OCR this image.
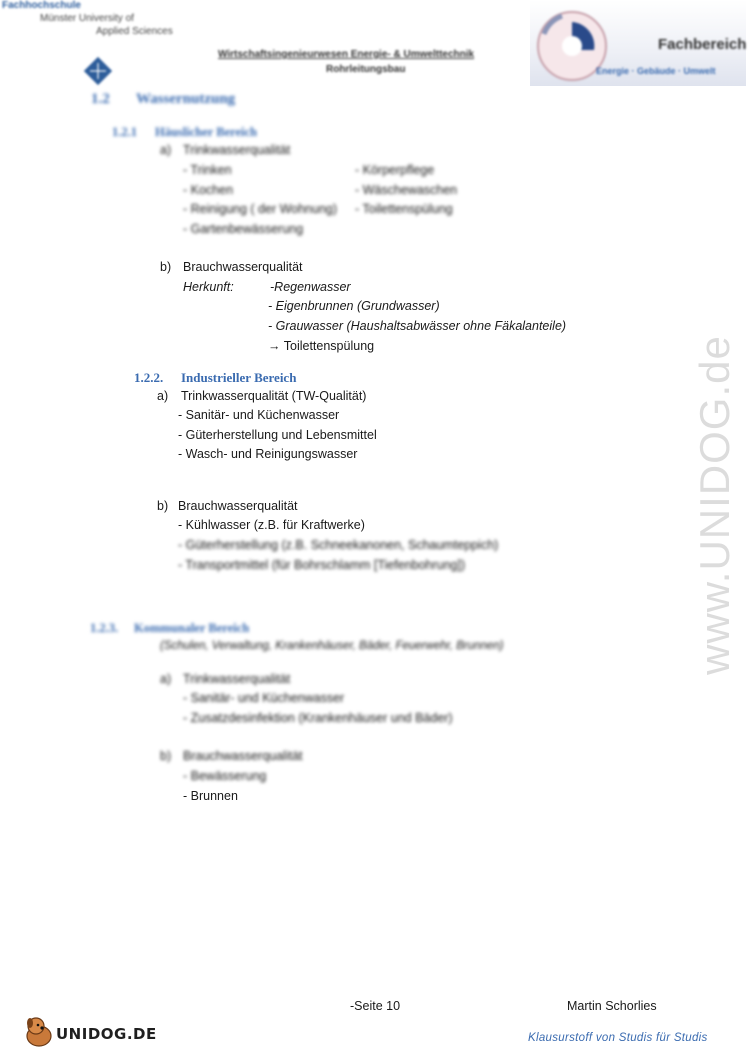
Fachhochschule
Münster University of
Applied Sciences
Wirtschaftsingenieurwesen Energie- & Umwelttechnik
Rohrleitungsbau
Fachbereich
Energie · Gebäude · Umwelt
www.UNIDOG.de
1.2 Wassernutzung
1.2.1 Häuslicher Bereich
a) Trinkwasserqualität
- Trinken
- Kochen
- Reinigung ( der Wohnung)
- Gartenbewässerung
- Körperpflege
- Wäschewaschen
- Toilettenspülung
b) Brauchwasserqualität
Herkunft:	-Regenwasser
- Eigenbrunnen (Grundwasser)
- Grauwasser (Haushaltsabwässer ohne Fäkalanteile)
→ Toilettenspülung
1.2.2. Industrieller Bereich
a) Trinkwasserqualität (TW-Qualität)
- Sanitär- und Küchenwasser
- Güterherstellung und Lebensmittel
- Wasch- und Reinigungswasser
b) Brauchwasserqualität
- Kühlwasser (z.B. für Kraftwerke)
- Güterherstellung (z.B. Schneekanonen, Schaumteppich)
- Transportmittel (für Bohrschlamm [Tiefenbohrung])
1.2.3. Kommunaler Bereich
(Schulen, Verwaltung, Krankenhäuser, Bäder, Feuerwehr, Brunnen)
a) Trinkwasserqualität
- Sanitär- und Küchenwasser
- Zusatzdesinfektion (Krankenhäuser und Bäder)
b) Brauchwasserqualität
- Bewässerung
- Brunnen
-Seite 10	Martin Schorlies
UNIDOG.DE	Klausurstoff von Studis für Studis
